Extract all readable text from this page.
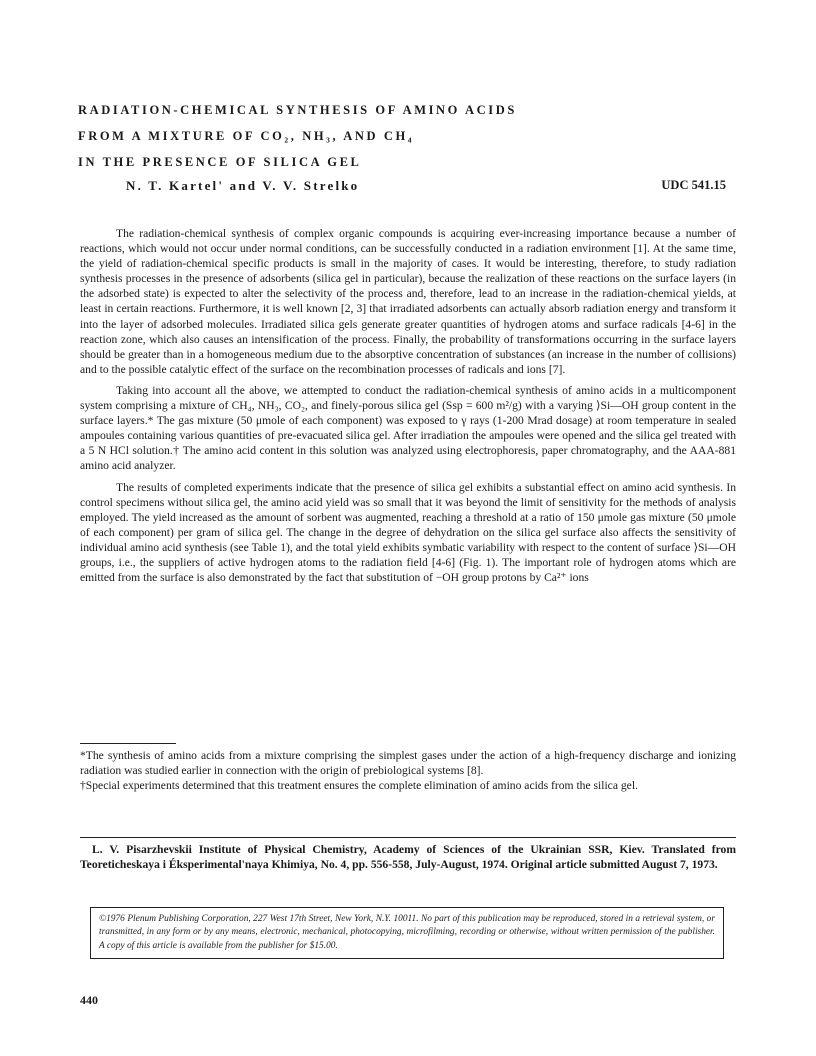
RADIATION-CHEMICAL SYNTHESIS OF AMINO ACIDS
FROM A MIXTURE OF CO₂, NH₃, AND CH₄
IN THE PRESENCE OF SILICA GEL
N. T. Kartel' and V. V. Strelko	UDC 541.15

The radiation-chemical synthesis of complex organic compounds is acquiring ever-increasing importance because a number of reactions, which would not occur under normal conditions, can be successfully conducted in a radiation environment [1]. At the same time, the yield of radiation-chemical specific products is small in the majority of cases. It would be interesting, therefore, to study radiation synthesis processes in the presence of adsorbents (silica gel in particular), because the realization of these reactions on the surface layers (in the adsorbed state) is expected to alter the selectivity of the process and, therefore, lead to an increase in the radiation-chemical yields, at least in certain reactions. Furthermore, it is well known [2, 3] that irradiated adsorbents can actually absorb radiation energy and transform it into the layer of adsorbed molecules. Irradiated silica gels generate greater quantities of hydrogen atoms and surface radicals [4-6] in the reaction zone, which also causes an intensification of the process. Finally, the probability of transformations occurring in the surface layers should be greater than in a homogeneous medium due to the absorptive concentration of substances (an increase in the number of collisions) and to the possible catalytic effect of the surface on the recombination processes of radicals and ions [7].

Taking into account all the above, we attempted to conduct the radiation-chemical synthesis of amino acids in a multicomponent system comprising a mixture of CH₄, NH₃, CO₂, and finely-porous silica gel (Ssp = 600 m²/g) with a varying ⟩Si—OH group content in the surface layers.* The gas mixture (50 μmole of each component) was exposed to γ rays (1-200 Mrad dosage) at room temperature in sealed ampoules containing various quantities of pre-evacuated silica gel. After irradiation the ampoules were opened and the silica gel treated with a 5 N HCl solution.† The amino acid content in this solution was analyzed using electrophoresis, paper chromatography, and the AAA-881 amino acid analyzer.

The results of completed experiments indicate that the presence of silica gel exhibits a substantial effect on amino acid synthesis. In control specimens without silica gel, the amino acid yield was so small that it was beyond the limit of sensitivity for the methods of analysis employed. The yield increased as the amount of sorbent was augmented, reaching a threshold at a ratio of 150 μmole gas mixture (50 μmole of each component) per gram of silica gel. The change in the degree of dehydration on the silica gel surface also affects the sensitivity of individual amino acid synthesis (see Table 1), and the total yield exhibits symbatic variability with respect to the content of surface ⟩Si—OH groups, i.e., the suppliers of active hydrogen atoms to the radiation field [4-6] (Fig. 1). The important role of hydrogen atoms which are emitted from the surface is also demonstrated by the fact that substitution of −OH group protons by Ca²⁺ ions

*The synthesis of amino acids from a mixture comprising the simplest gases under the action of a high-frequency discharge and ionizing radiation was studied earlier in connection with the origin of prebiological systems [8].

†Special experiments determined that this treatment ensures the complete elimination of amino acids from the silica gel.

L. V. Pisarzhevskii Institute of Physical Chemistry, Academy of Sciences of the Ukrainian SSR, Kiev. Translated from Teoreticheskaya i Éksperimental'naya Khimiya, No. 4, pp. 556-558, July-August, 1974. Original article submitted August 7, 1973.

©1976 Plenum Publishing Corporation, 227 West 17th Street, New York, N.Y. 10011. No part of this publication may be reproduced, stored in a retrieval system, or transmitted, in any form or by any means, electronic, mechanical, photocopying, microfilming, recording or otherwise, without written permission of the publisher. A copy of this article is available from the publisher for $15.00.
440
